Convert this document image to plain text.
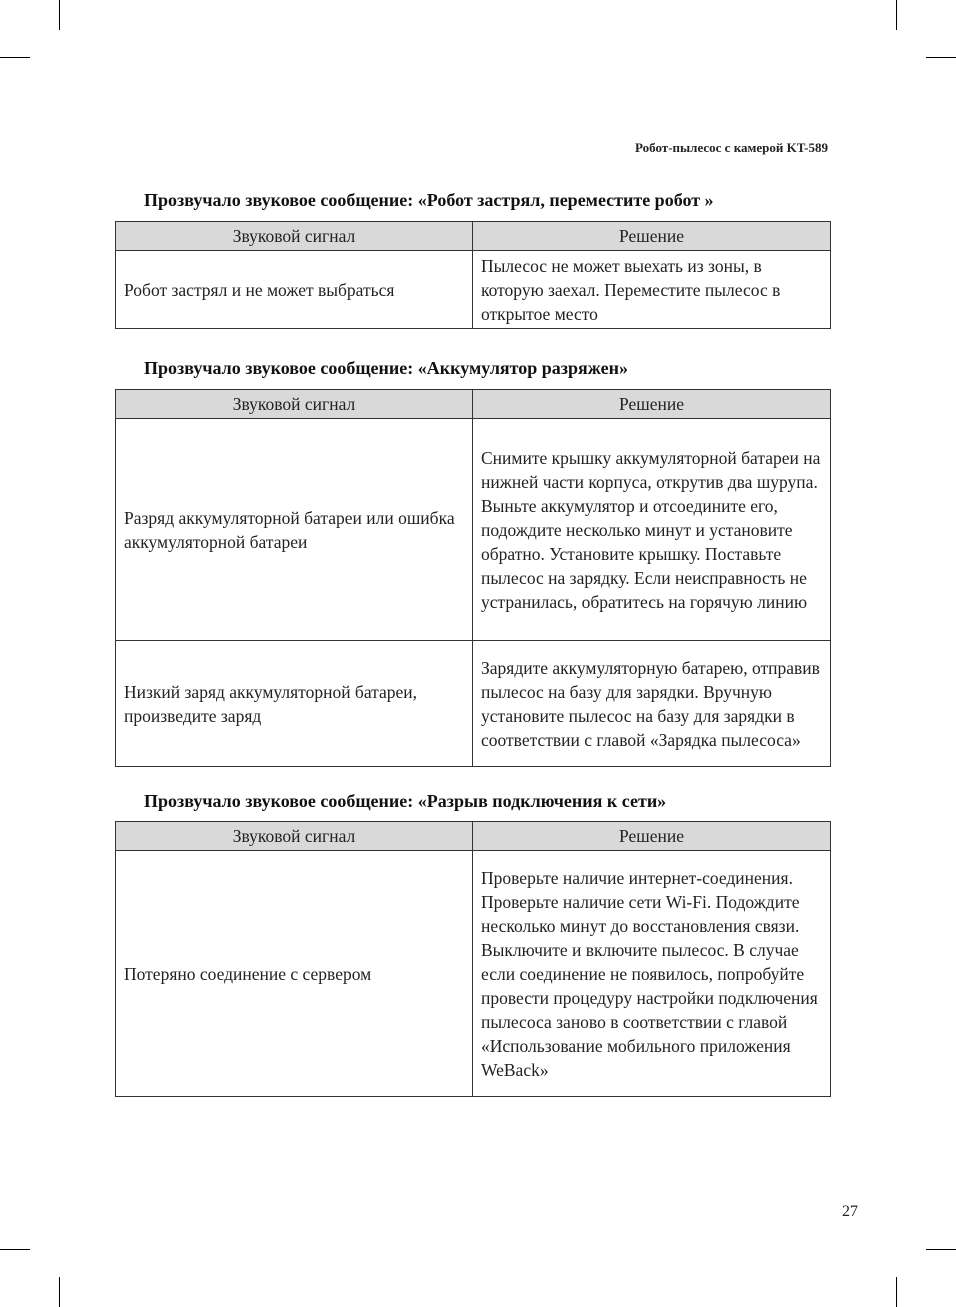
Робот-пылесос с камерой KT-589
Прозвучало звуковое сообщение: «Робот застрял, переместите робот »
Звуковой сигнал	Решение
Робот застрял и не может выбраться	Пылесос не может выехать из зоны, в которую заехал. Переместите пылесос в открытое место
Прозвучало звуковое сообщение: «Аккумулятор разряжен»
Звуковой сигнал	Решение
Разряд аккумуляторной батареи или ошибка аккумуляторной батареи	Снимите крышку аккумуляторной батареи на нижней части корпуса, открутив два шурупа. Выньте аккумулятор и отсоедините его, подождите несколько минут и установите обратно. Установите крышку. Поставьте пылесос на зарядку. Если неисправность не устранилась, обратитесь на горячую линию
Низкий заряд аккумуляторной батареи, произведите заряд	Зарядите аккумуляторную батарею, отправив пылесос на базу для зарядки. Вручную установите пылесос на базу для зарядки в соответствии с главой «Зарядка пылесоса»
Прозвучало звуковое сообщение: «Разрыв подключения к сети»
Звуковой сигнал	Решение
Потеряно соединение с сервером	Проверьте наличие интернет-соединения. Проверьте наличие сети Wi-Fi. Подождите несколько минут до восстановления связи. Выключите и включите пылесос. В случае если соединение не появилось, попробуйте провести процедуру настройки подключения пылесоса заново в соответствии с главой «Использование мобильного приложения WeBack»
27
